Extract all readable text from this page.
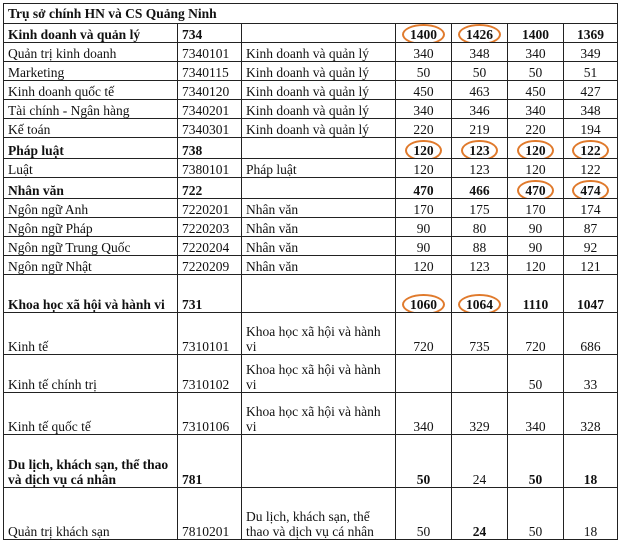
Trụ sở chính HN và CS Quảng Ninh						
Kinh doanh và quản lý	734		1400	1426	1400	1369
Quản trị kinh doanh	7340101	Kinh doanh và quản lý	340	348	340	349
Marketing	7340115	Kinh doanh và quản lý	50	50	50	51
Kinh doanh quốc tế	7340120	Kinh doanh và quản lý	450	463	450	427
Tài chính - Ngân hàng	7340201	Kinh doanh và quản lý	340	346	340	348
Kế toán	7340301	Kinh doanh và quản lý	220	219	220	194
Pháp luật	738		120	123	120	122
Luật	7380101	Pháp luật	120	123	120	122
Nhân văn	722		470	466	470	474
Ngôn ngữ Anh	7220201	Nhân văn	170	175	170	174
Ngôn ngữ Pháp	7220203	Nhân văn	90	80	90	87
Ngôn ngữ Trung Quốc	7220204	Nhân văn	90	88	90	92
Ngôn ngữ Nhật	7220209	Nhân văn	120	123	120	121
Khoa học xã hội và hành vi	731		1060	1064	1110	1047
Kinh tế	7310101	Khoa học xã hội và hành vi	720	735	720	686
Kinh tế chính trị	7310102	Khoa học xã hội và hành vi			50	33
Kinh tế quốc tế	7310106	Khoa học xã hội và hành vi	340	329	340	328
Du lịch, khách sạn, thể thao và dịch vụ cá nhân	781		50	24	50	18
Quản trị khách sạn	7810201	Du lịch, khách sạn, thể thao và dịch vụ cá nhân	50	24	50	18
